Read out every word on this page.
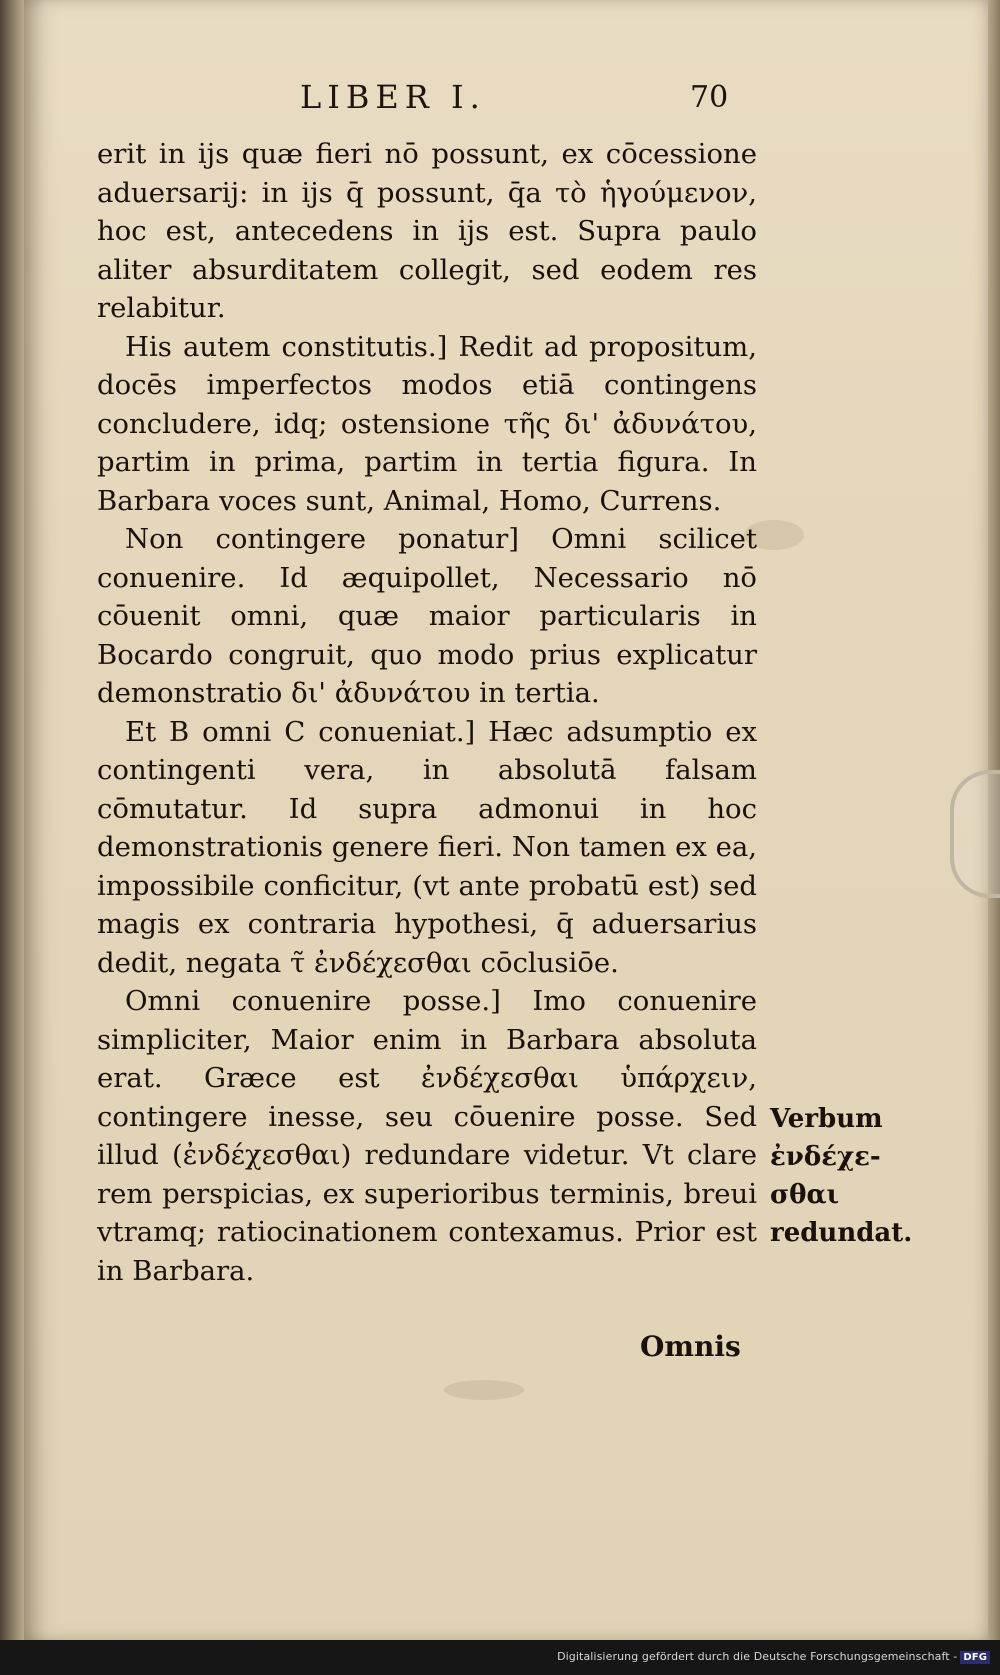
LIBER I.	70

erit in ijs quæ fieri nō possunt, ex cōcessione aduersarij: in ijs q̄ possunt, q̄a τὸ ἡγούμενον, hoc est, antecedens in ijs est. Supra paulo aliter absurditatem collegit, sed eodem res relabitur.

His autem constitutis.] Redit ad propositum, docēs imperfectos modos etiā contingens concludere, idq; ostensione τῆς δι' ἀδυνάτου, partim in prima, partim in tertia figura. In Barbara voces sunt, Animal, Homo, Currens.

Non contingere ponatur] Omni scilicet conuenire. Id æquipollet, Necessario nō cōuenit omni, quæ maior particularis in Bocardo congruit, quo modo prius explicatur demonstratio δι' ἀδυνάτου in tertia.

Et B omni C conueniat.] Hæc adsumptio ex contingenti vera, in absolutā falsam cōmutatur. Id supra admonui in hoc demonstrationis genere fieri. Non tamen ex ea, impossibile conficitur, (vt ante probatū est) sed magis ex contraria hypothesi, q̄ aduersarius dedit, negata τ̃ ἐνδέχεσθαι cōclusiōe.

Omni conuenire posse.] Imo conuenire simpliciter, Maior enim in Barbara absoluta erat. Græce est ἐνδέχεσθαι ὑπάρχειν, contingere inesse, seu cōuenire posse. Sed illud (ἐνδέχεσθαι) redundare videtur. Vt clare rem perspicias, ex superioribus terminis, breui vtramq; ratiocinationem contexamus. Prior est in Barbara.

Verbum
ἐνδέχε-
σθαι
redundat.
Omnis
Digitalisierung gefördert durch die Deutsche Forschungsgemeinschaft - DFG
